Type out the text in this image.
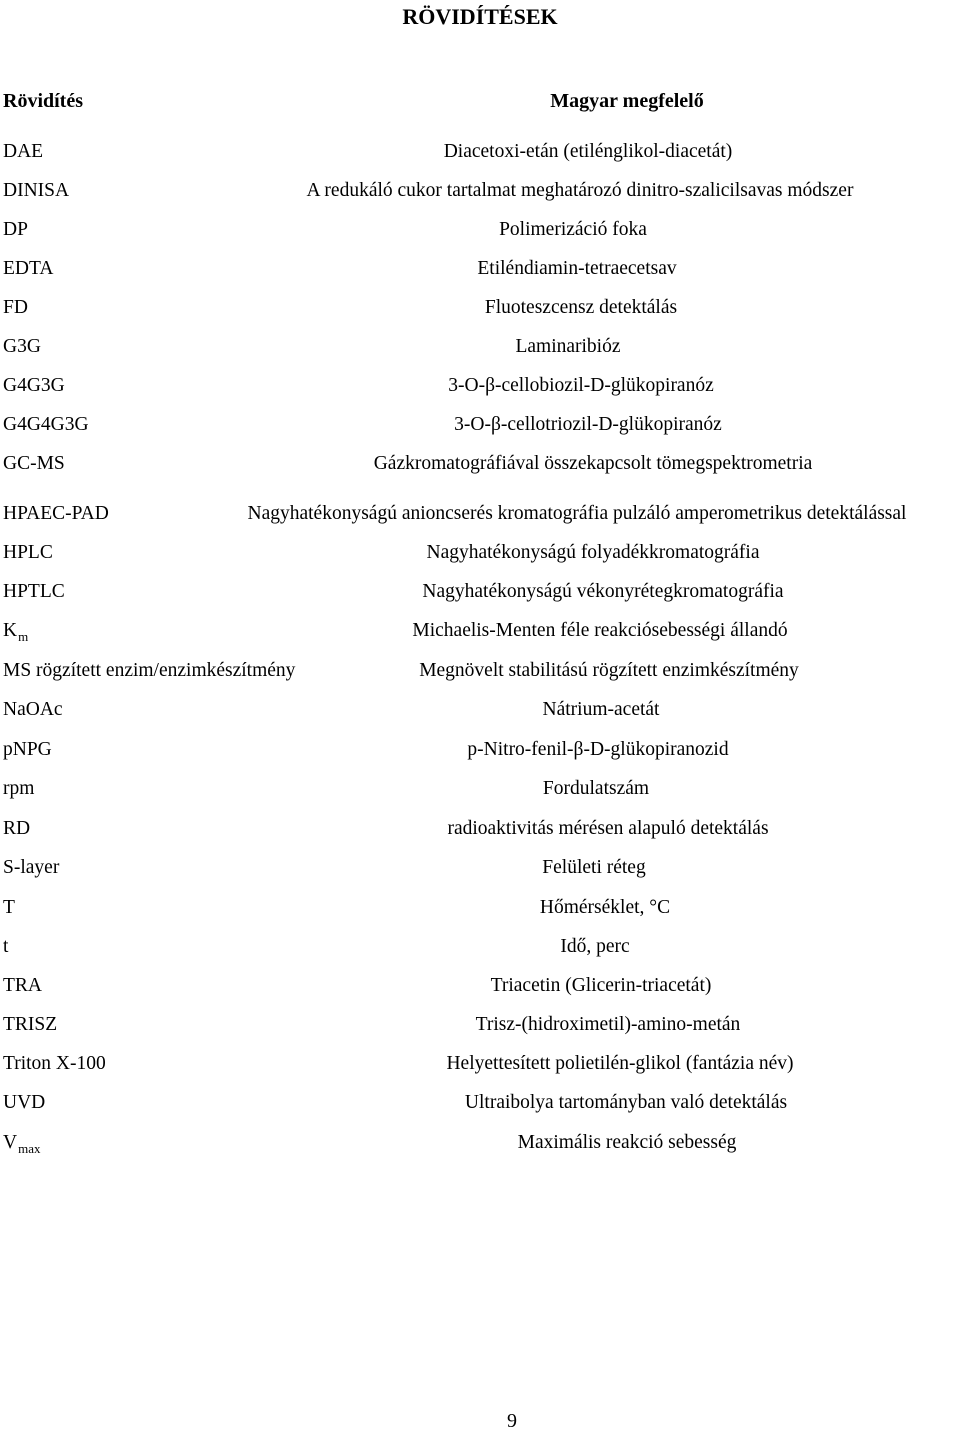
RÖVIDÍTÉSEK
Rövidítés	Magyar megfelelő
DAE	Diacetoxi-etán (etilénglikol-diacetát)
DINISA	A redukáló cukor tartalmat meghatározó dinitro-szalicilsavas módszer
DP	Polimerizáció foka
EDTA	Etiléndiamin-tetraecetsav
FD	Fluoteszcensz detektálás
G3G	Laminaribióz
G4G3G	3-O-β-cellobiozil-D-glükopiranóz
G4G4G3G	3-O-β-cellotriozil-D-glükopiranóz
GC-MS	Gázkromatográfiával összekapcsolt tömegspektrometria
HPAEC-PAD	Nagyhatékonyságú anioncserés kromatográfia pulzáló amperometrikus detektálással
HPLC	Nagyhatékonyságú folyadékkromatográfia
HPTLC	Nagyhatékonyságú vékonyrétegkromatográfia
$K_m$	Michaelis-Menten féle reakciósebességi állandó
MS rögzített enzim/enzimkészítmény	Megnövelt stabilitású rögzített enzimkészítmény
NaOAc	Nátrium-acetát
pNPG	p-Nitro-fenil-β-D-glükopiranozid
rpm	Fordulatszám
RD	radioaktivitás mérésen alapuló detektálás
S-layer	Felületi réteg
T	Hőmérséklet, °C
t	Idő, perc
TRA	Triacetin (Glicerin-triacetát)
TRISZ	Trisz-(hidroximetil)-amino-metán
Triton X-100	Helyettesített polietilén-glikol (fantázia név)
UVD	Ultraibolya tartományban való detektálás
$V_{max}$	Maximális reakció sebesség
9
